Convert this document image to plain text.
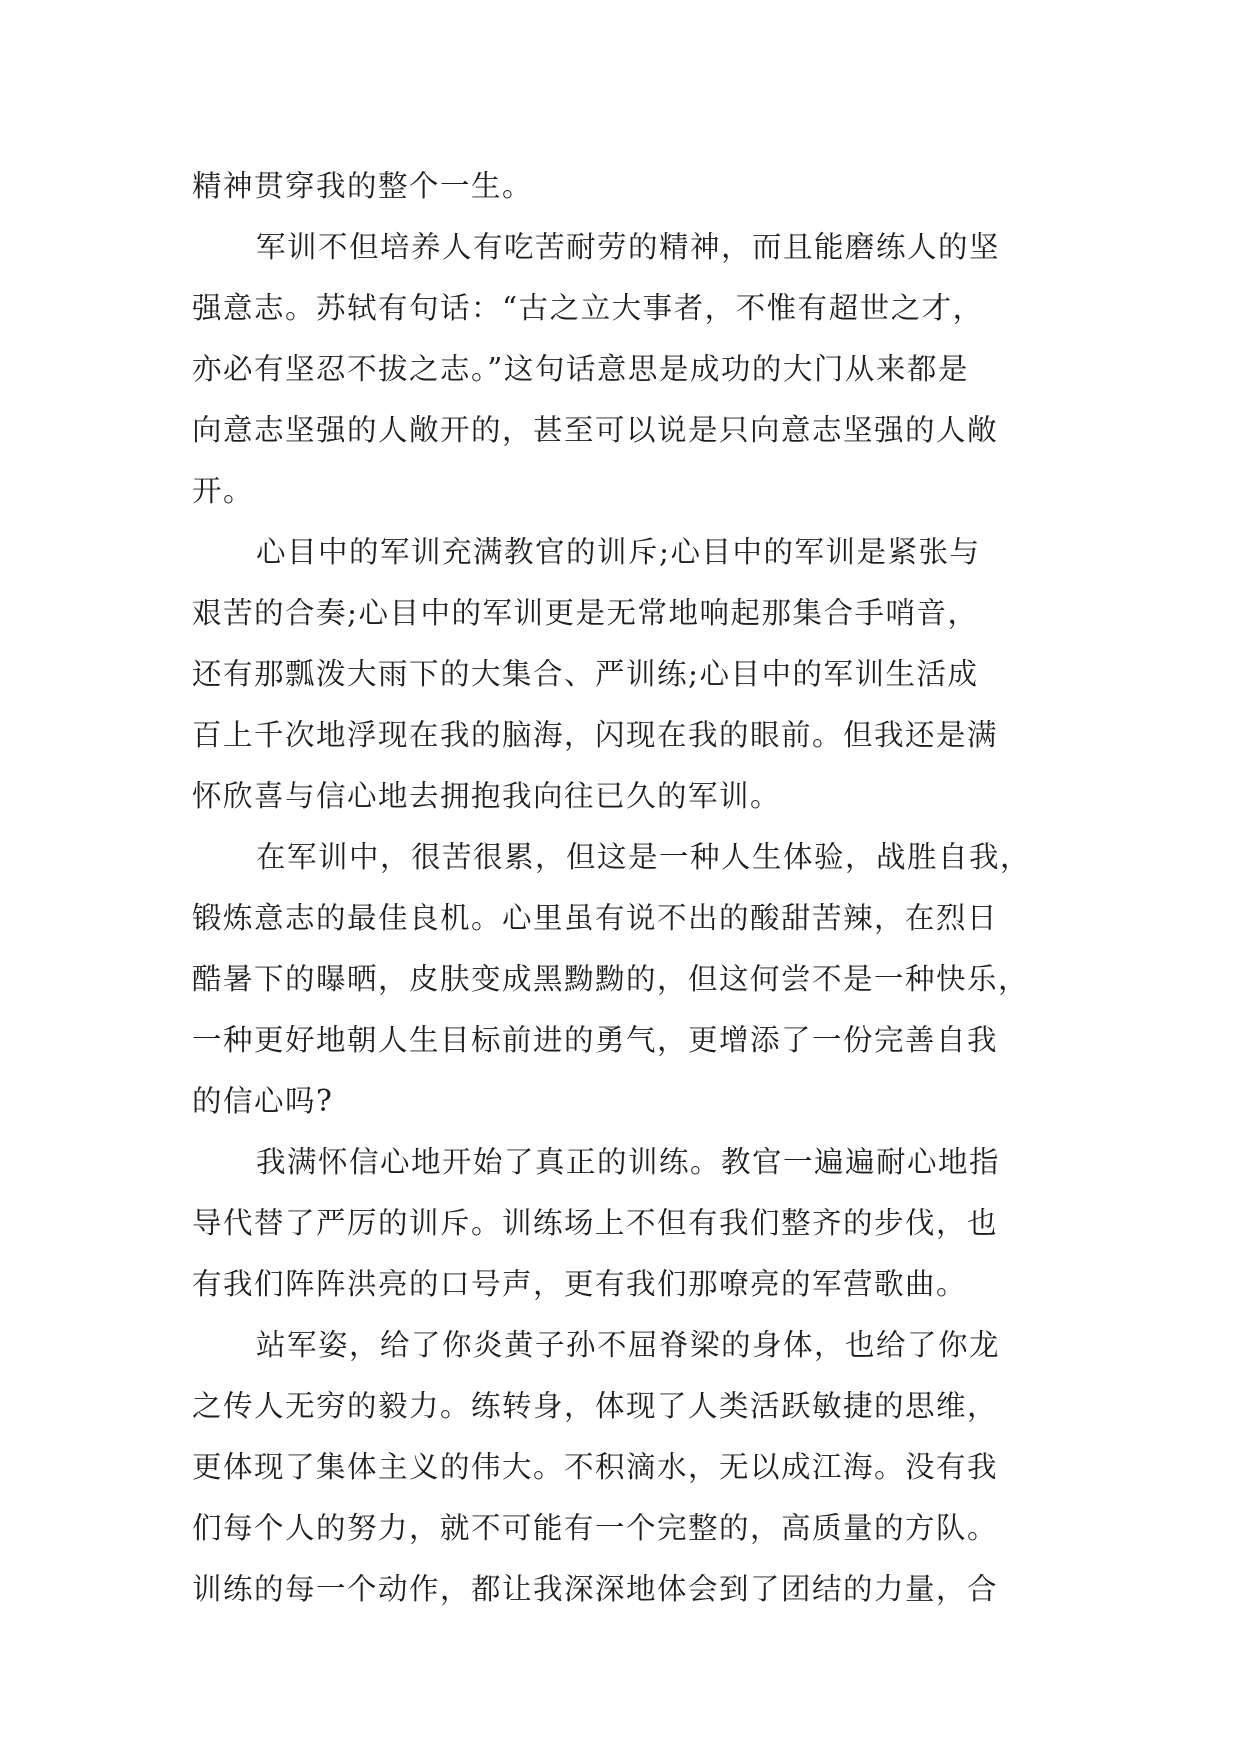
精神贯穿我的整个一生。
军训不但培养人有吃苦耐劳的精神，而且能磨练人的坚
强意志。苏轼有句话：“古之立大事者，不惟有超世之才，
亦必有坚忍不拔之志。”这句话意思是成功的大门从来都是
向意志坚强的人敞开的，甚至可以说是只向意志坚强的人敞
开。
心目中的军训充满教官的训斥;心目中的军训是紧张与
艰苦的合奏;心目中的军训更是无常地响起那集合手哨音，
还有那瓢泼大雨下的大集合、严训练;心目中的军训生活成
百上千次地浮现在我的脑海，闪现在我的眼前。但我还是满
怀欣喜与信心地去拥抱我向往已久的军训。
在军训中，很苦很累，但这是一种人生体验，战胜自我，
锻炼意志的最佳良机。心里虽有说不出的酸甜苦辣，在烈日
酷暑下的曝晒，皮肤变成黑黝黝的，但这何尝不是一种快乐，
一种更好地朝人生目标前进的勇气，更增添了一份完善自我
的信心吗?
我满怀信心地开始了真正的训练。教官一遍遍耐心地指
导代替了严厉的训斥。训练场上不但有我们整齐的步伐，也
有我们阵阵洪亮的口号声，更有我们那嘹亮的军营歌曲。
站军姿，给了你炎黄子孙不屈脊梁的身体，也给了你龙
之传人无穷的毅力。练转身，体现了人类活跃敏捷的思维，
更体现了集体主义的伟大。不积滴水，无以成江海。没有我
们每个人的努力，就不可能有一个完整的，高质量的方队。
训练的每一个动作，都让我深深地体会到了团结的力量，合
